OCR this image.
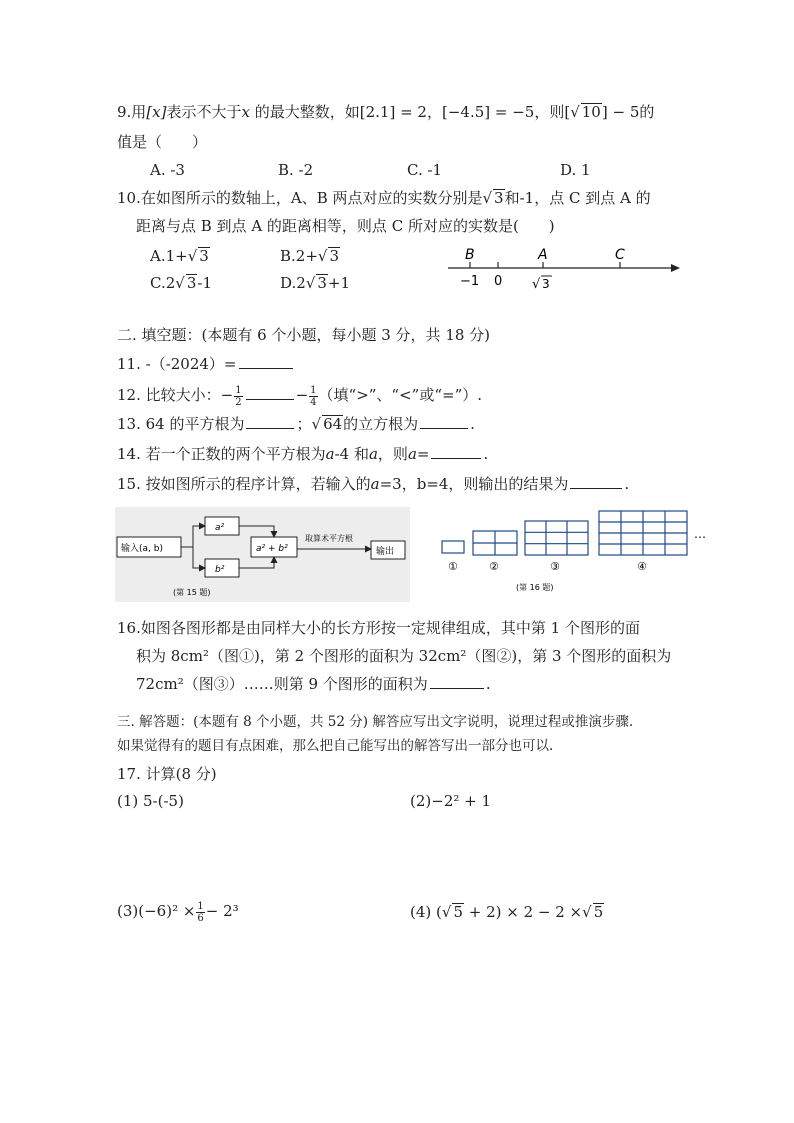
9.用[x]表示不大于x 的最大整数，如[2.1] = 2，[−4.5] = −5，则[√ 10] − 5的
值是（　　）
A. -3	B. -2	C. -1	D. 1
10.在如图所示的数轴上，A、B 两点对应的实数分别是√ 3和-1，点 C 到点 A 的
距离与点 B 到点 A 的距离相等，则点 C 所对应的实数是(　　)
A.1+√ 3	B.2+√ 3
C.2√ 3-1	D.2√ 3+1
B	A	C
−1 0 √ 3
二. 填空题：(本题有 6 个小题，每小题 3 分，共 18 分)
11. -（-2024）=
12. 比较大小：− $\frac{1}{2}$	− $\frac{1}{4}$ （填“>”、“<”或“=”）.
13. 64 的平方根为	；√ 64的立方根为	.
14. 若一个正数的两个平方根为a-4 和a，则a=	.
15. 按如图所示的程序计算，若输入的a=3，b=4，则输出的结果为	.
输入(a, b)
a²
b²
a² + b²	输出
取算术平方根
(第 15 题)
…
①	②	③	④
(第 16 题)
16.如图各图形都是由同样大小的长方形按一定规律组成，其中第 1 个图形的面
积为 8cm²（图①)，第 2 个图形的面积为 32cm²（图②)，第 3 个图形的面积为
72cm²（图③）……则第 9 个图形的面积为	.
三. 解答题：(本题有 8 个小题，共 52 分) 解答应写出文字说明，说理过程或推演步骤.
如果觉得有的题目有点困难，那么把自己能写出的解答写出一部分也可以.
17. 计算(8 分)
(1) 5-(-5)	(2)−2² + 1
$(3)(-6)^2 \times \frac{1}{6} - 2^3$	(4) (√ 5 + 2) × 2 − 2 ×√ 5
